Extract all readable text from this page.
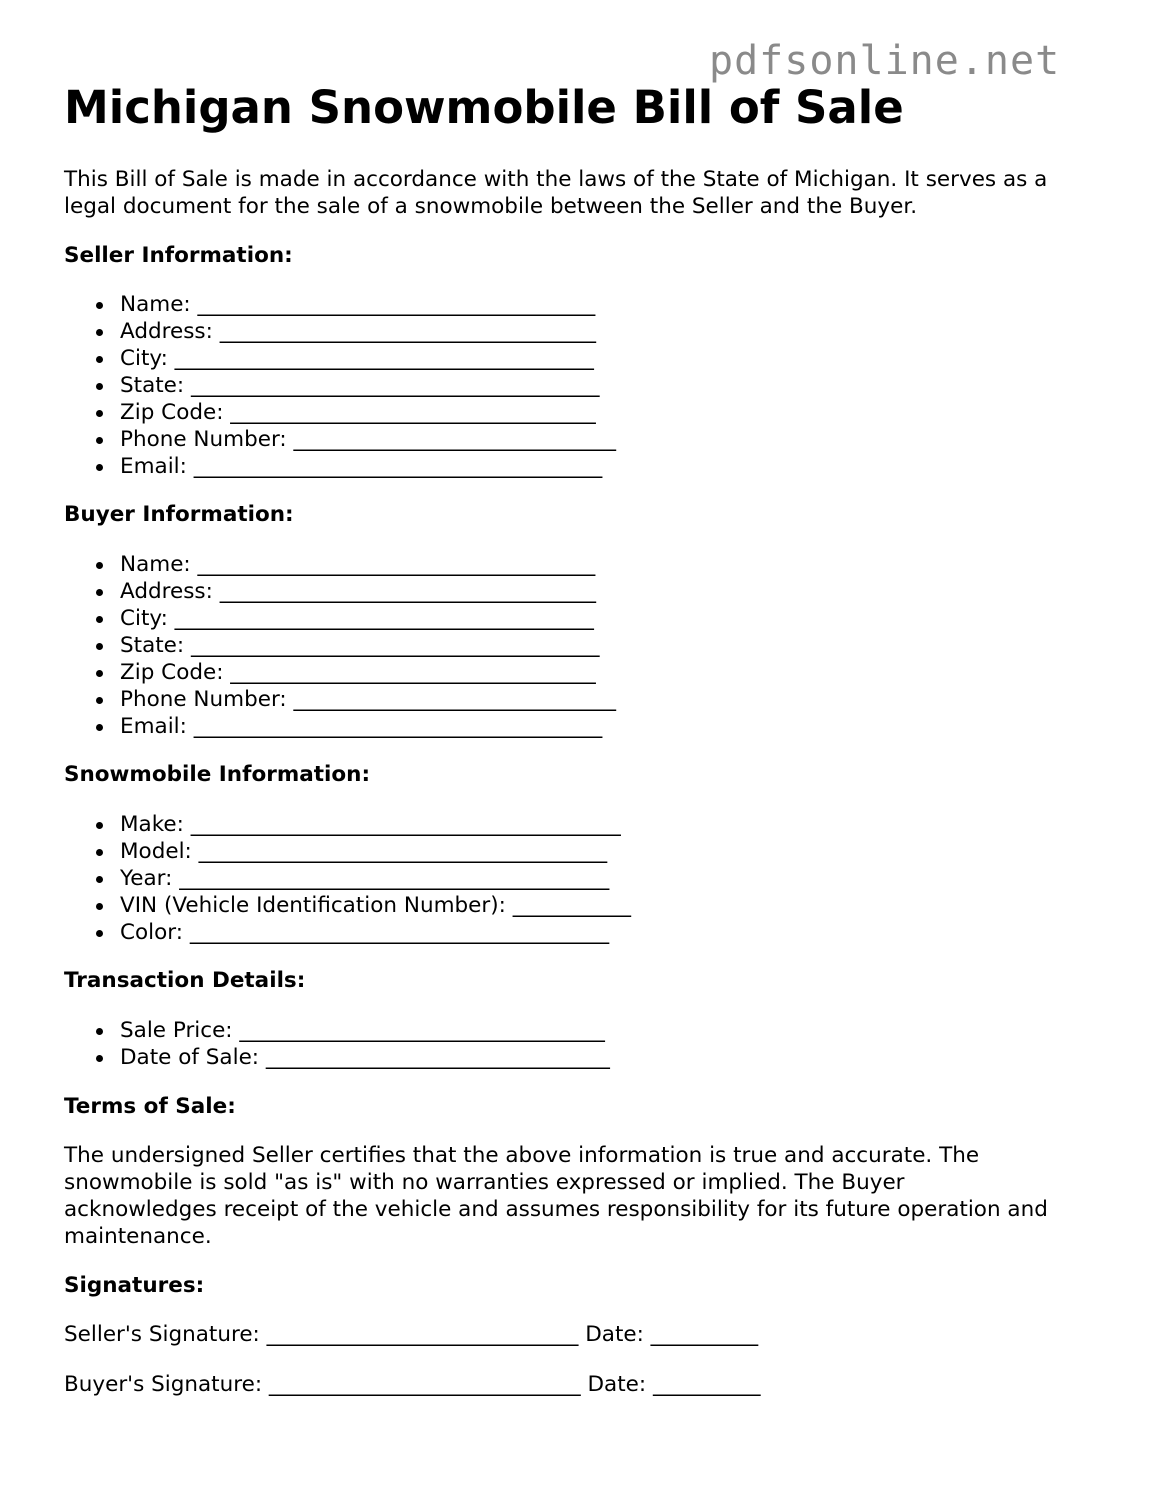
pdfsonline.net
Michigan Snowmobile Bill of Sale

This Bill of Sale is made in accordance with the laws of the State of Michigan. It serves as a legal document for the sale of a snowmobile between the Seller and the Buyer.

Seller Information:
Name: _____________________________________
Address: ___________________________________
City: _______________________________________
State: ______________________________________
Zip Code: __________________________________
Phone Number: ______________________________
Email: ______________________________________
Buyer Information:
Name: _____________________________________
Address: ___________________________________
City: _______________________________________
State: ______________________________________
Zip Code: __________________________________
Phone Number: ______________________________
Email: ______________________________________
Snowmobile Information:
Make: ________________________________________
Model: ______________________________________
Year: ________________________________________
VIN (Vehicle Identification Number): ___________
Color: _______________________________________
Transaction Details:
Sale Price: __________________________________
Date of Sale: ________________________________
Terms of Sale:

The undersigned Seller certifies that the above information is true and accurate. The snowmobile is sold "as is" with no warranties expressed or implied. The Buyer acknowledges receipt of the vehicle and assumes responsibility for its future operation and maintenance.

Signatures:

Seller's Signature: _____________________________ Date: __________

Buyer's Signature: _____________________________ Date: __________
